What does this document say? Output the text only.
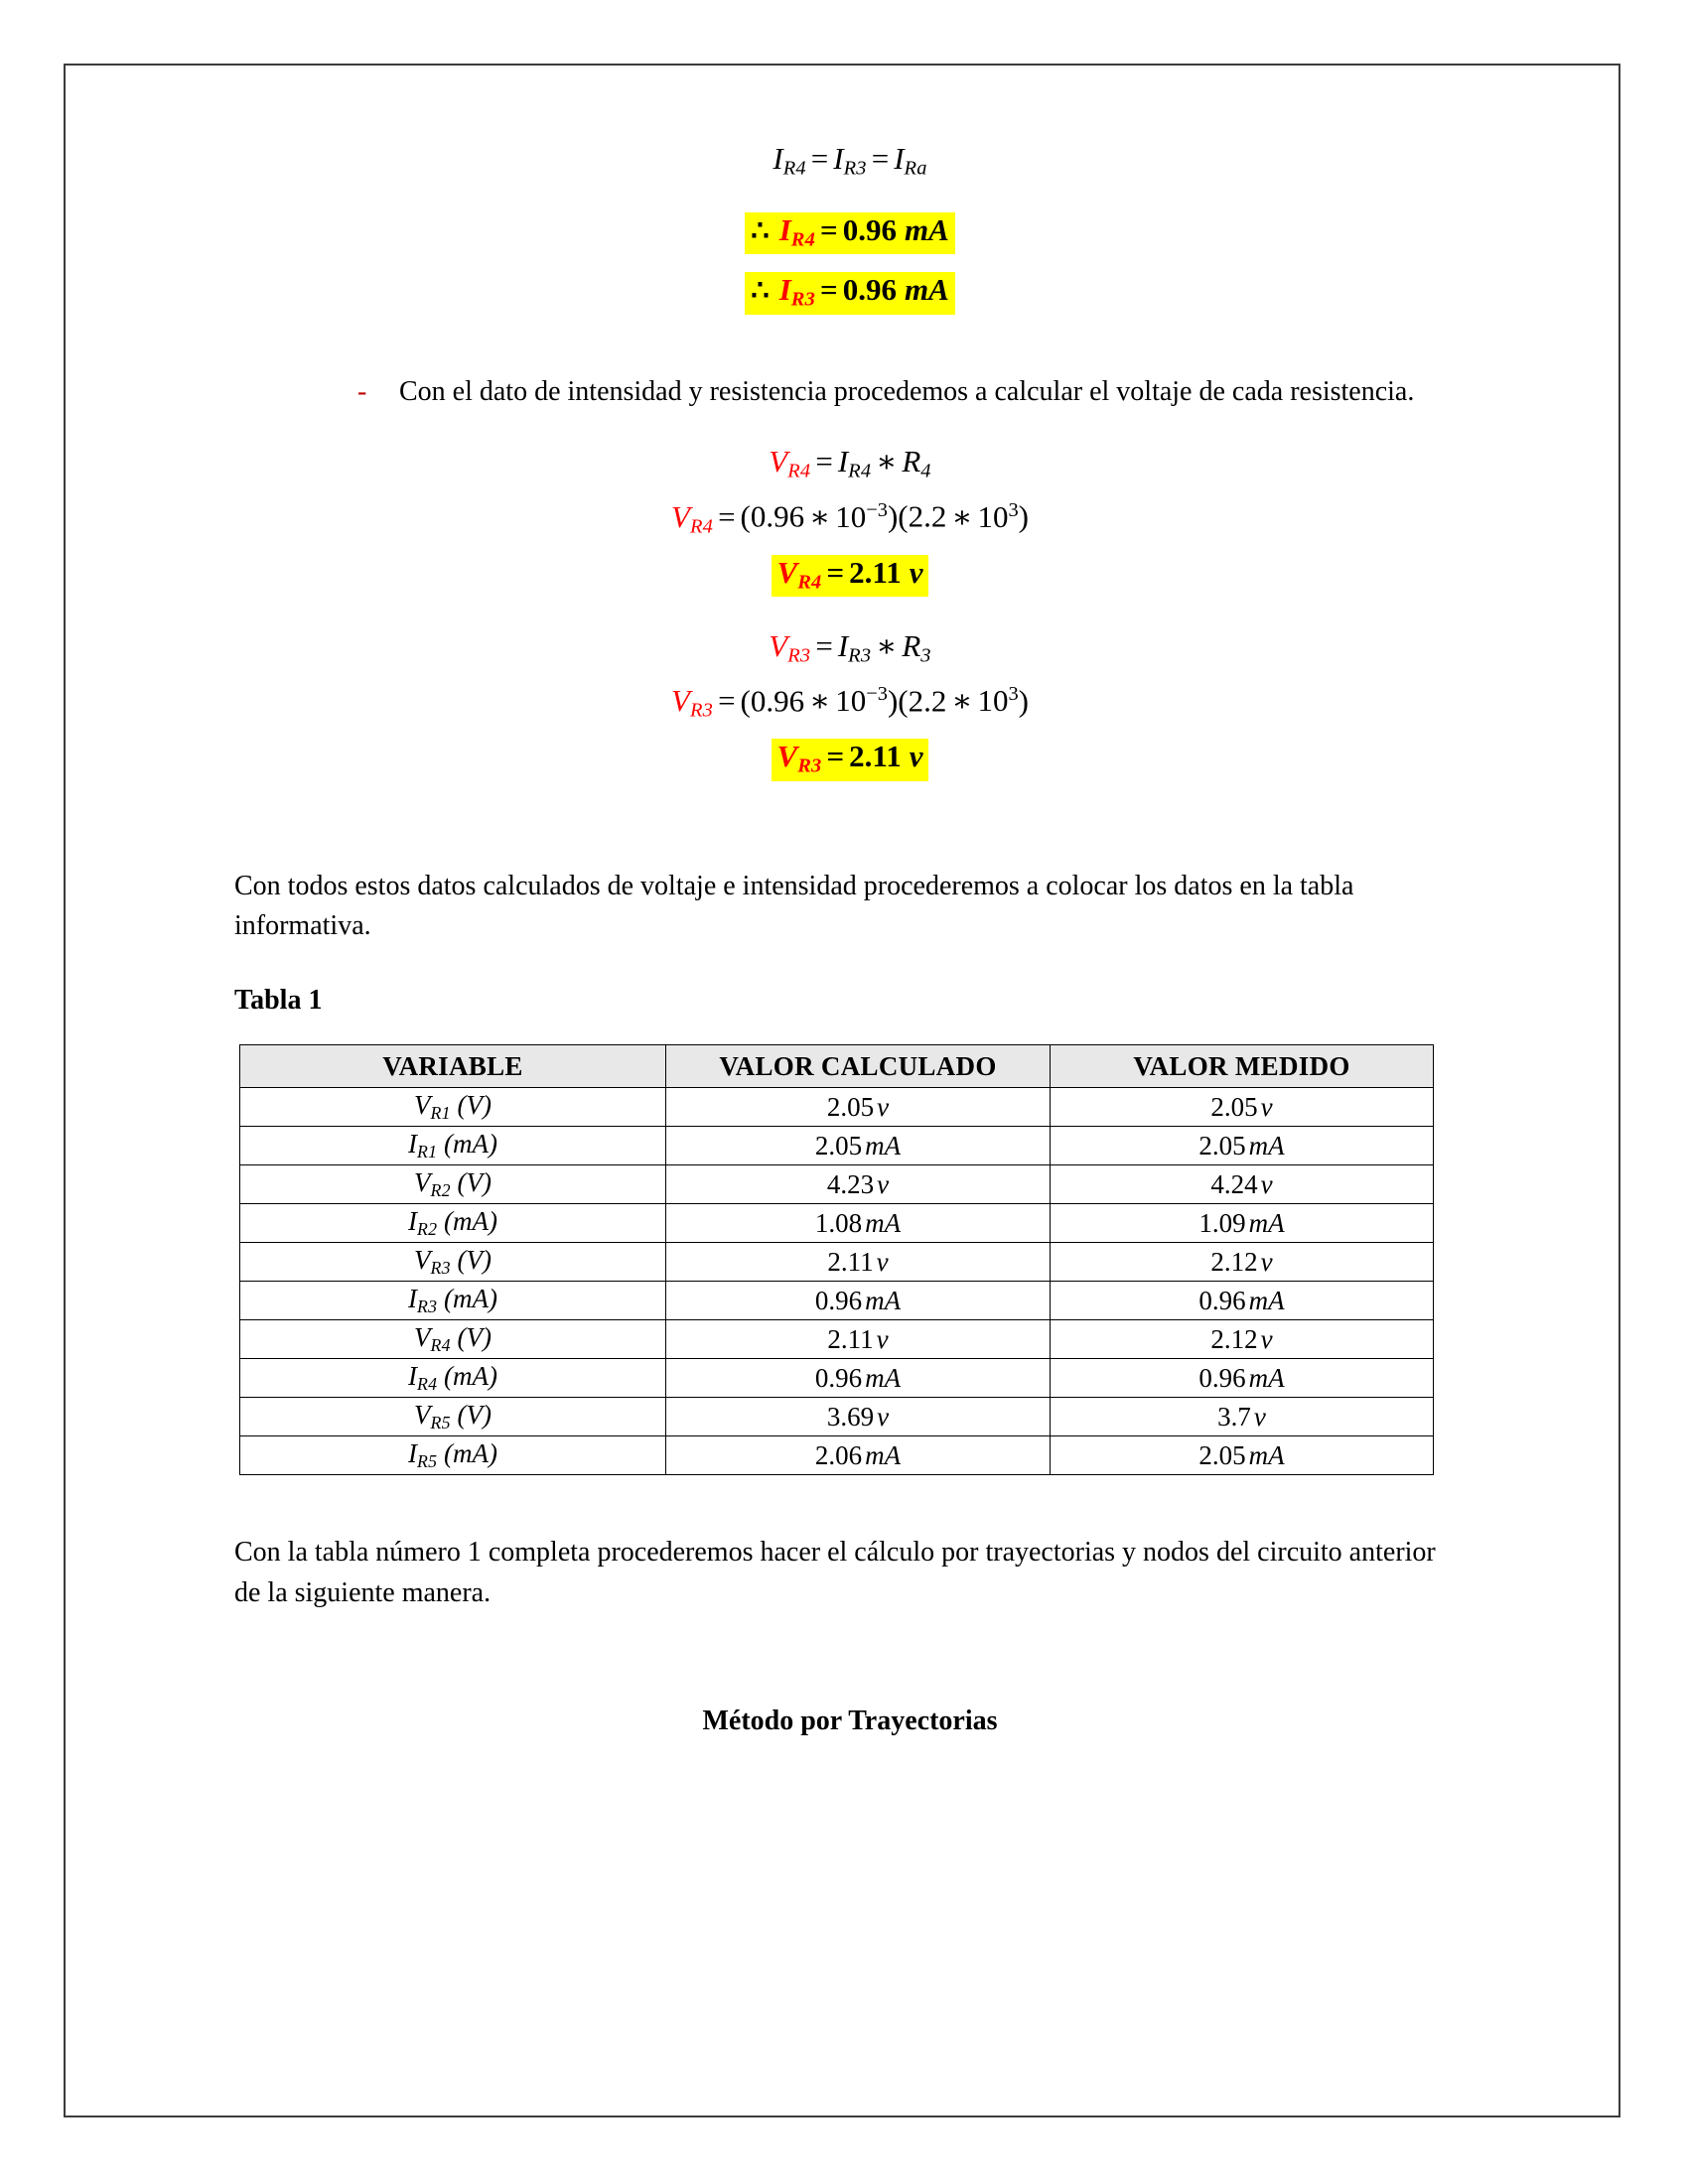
$I_{R4} = I_{R3} = I_{Ra}$
∴ $I_{R4} = 0.96$ mA
∴ $I_{R3} = 0.96$ mA
-	Con el dato de intensidad y resistencia procedemos a calcular el voltaje de cada resistencia.
$V_{R4} = I_{R4}$ ∗ $R_4$
$V_{R4} = (0.96$ ∗ $10^{-3})(2.2$ ∗ $10^3$)
$V_{R4} = 2.11$ v
$V_{R3} = I_{R3}$ ∗ $R_3$
$V_{R3} = (0.96$ ∗ $10^{-3})(2.2$ ∗ $10^3$)
$V_{R3} = 2.11$ v
Con todos estos datos calculados de voltaje e intensidad procederemos a colocar los datos en la tabla informativa.
Tabla 1
VARIABLE	VALOR CALCULADO	VALOR MEDIDO
$V_{R1}$ (V)	2.05 v	2.05 v
$I_{R1}$ (mA)	2.05 mA	2.05 mA
$V_{R2}$ (V)	4.23 v	4.24 v
$I_{R2}$ (mA)	1.08 mA	1.09 mA
$V_{R3}$ (V)	2.11 v	2.12 v
$I_{R3}$ (mA)	0.96 mA	0.96 mA
$V_{R4}$ (V)	2.11 v	2.12 v
$I_{R4}$ (mA)	0.96 mA	0.96 mA
$V_{R5}$ (V)	3.69 v	3.7 v
$I_{R5}$ (mA)	2.06 mA	2.05 mA
Con la tabla número 1 completa procederemos hacer el cálculo por trayectorias y nodos del circuito anterior de la siguiente manera.
Método por Trayectorias
